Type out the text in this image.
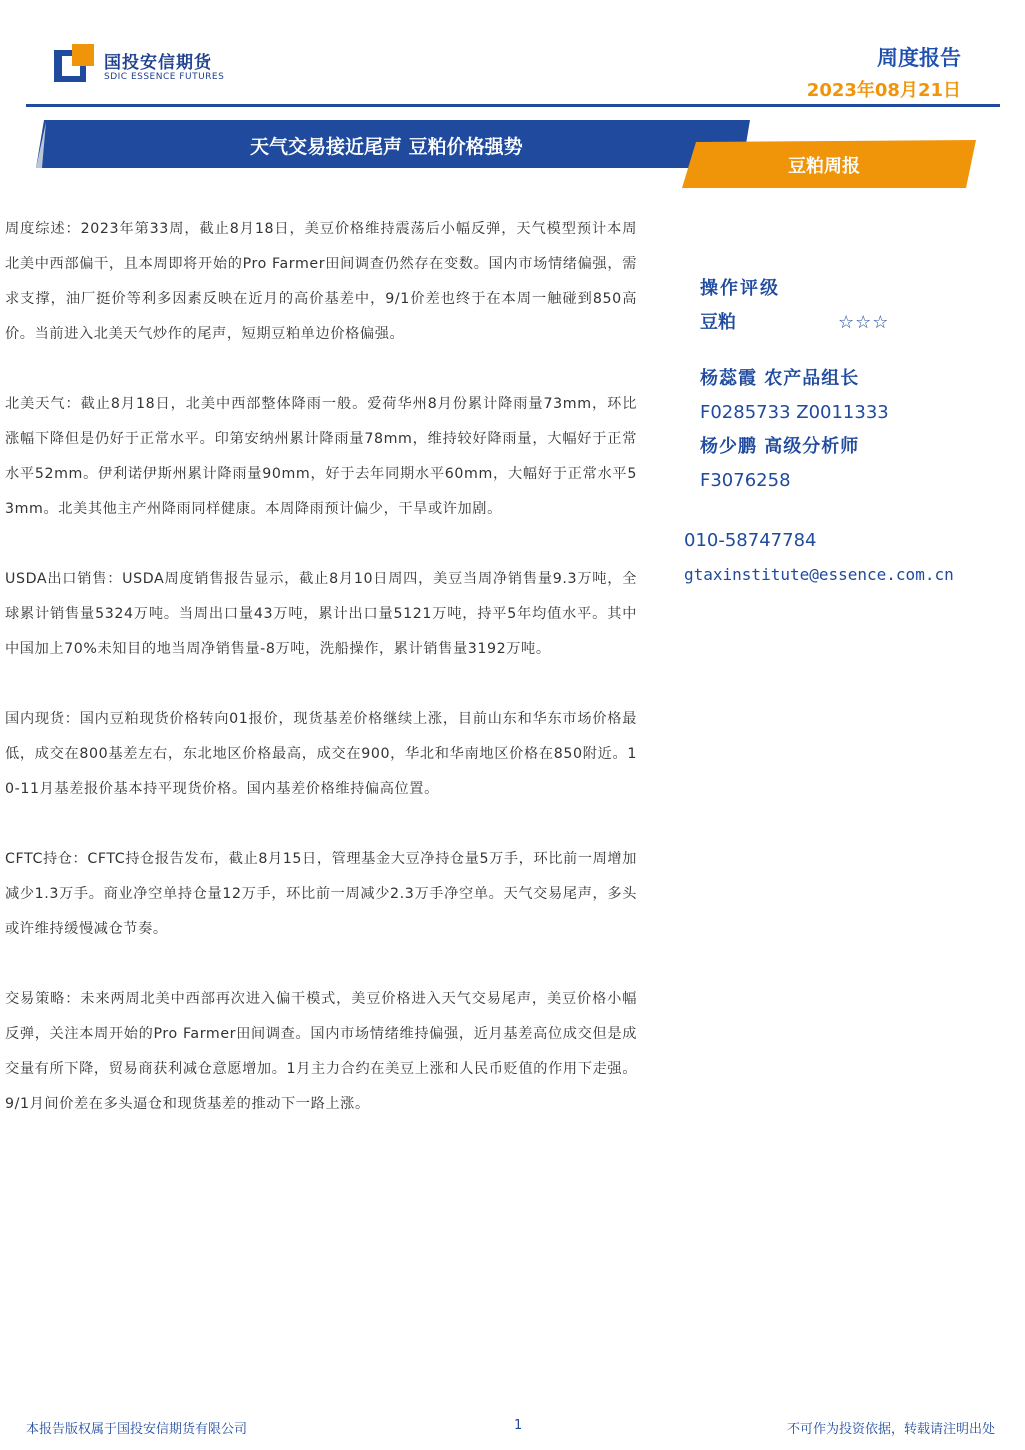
国投安信期货
SDIC ESSENCE FUTURES
周度报告
2023年08月21日
天气交易接近尾声 豆粕价格强势
豆粕周报

周度综述：2023年第33周，截止8月18日，美豆价格维持震荡后小幅反弹，天气模型预计本周北美中西部偏干，且本周即将开始的Pro Farmer田间调查仍然存在变数。国内市场情绪偏强，需求支撑，油厂挺价等利多因素反映在近月的高价基差中，9/1价差也终于在本周一触碰到850高价。当前进入北美天气炒作的尾声，短期豆粕单边价格偏强。

北美天气：截止8月18日，北美中西部整体降雨一般。爱荷华州8月份累计降雨量73mm，环比涨幅下降但是仍好于正常水平。印第安纳州累计降雨量78mm，维持较好降雨量，大幅好于正常水平52mm。伊利诺伊斯州累计降雨量90mm，好于去年同期水平60mm，大幅好于正常水平53mm。北美其他主产州降雨同样健康。本周降雨预计偏少，干旱或许加剧。

USDA出口销售：USDA周度销售报告显示，截止8月10日周四，美豆当周净销售量9.3万吨，全球累计销售量5324万吨。当周出口量43万吨，累计出口量5121万吨，持平5年均值水平。其中中国加上70%未知目的地当周净销售量-8万吨，洗船操作，累计销售量3192万吨。

国内现货：国内豆粕现货价格转向01报价，现货基差价格继续上涨，目前山东和华东市场价格最低，成交在800基差左右，东北地区价格最高，成交在900，华北和华南地区价格在850附近。10-11月基差报价基本持平现货价格。国内基差价格维持偏高位置。

CFTC持仓：CFTC持仓报告发布，截止8月15日，管理基金大豆净持仓量5万手，环比前一周增加减少1.3万手。商业净空单持仓量12万手，环比前一周减少2.3万手净空单。天气交易尾声，多头或许维持缓慢减仓节奏。

交易策略：未来两周北美中西部再次进入偏干模式，美豆价格进入天气交易尾声，美豆价格小幅反弹，关注本周开始的Pro Farmer田间调查。国内市场情绪维持偏强，近月基差高位成交但是成交量有所下降，贸易商获利减仓意愿增加。1月主力合约在美豆上涨和人民币贬值的作用下走强。9/1月间价差在多头逼仓和现货基差的推动下一路上涨。

操作评级
豆粕	☆☆☆
杨蕊霞 农产品组长
F0285733 Z0011333
杨少鹏 高级分析师
F3076258
010-58747784
gtaxinstitute@essence.com.cn
本报告版权属于国投安信期货有限公司	1	不可作为投资依据，转载请注明出处
